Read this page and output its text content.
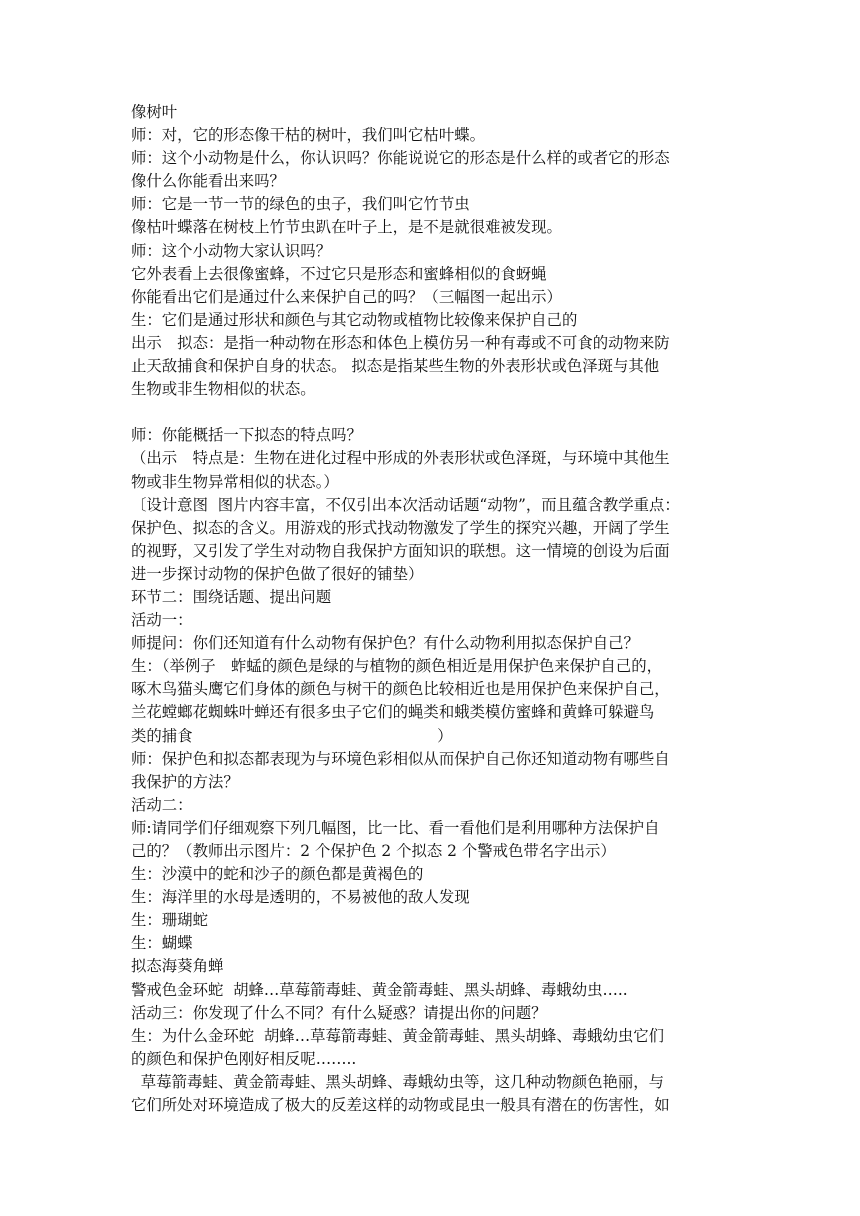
像树叶
师：对，它的形态像干枯的树叶，我们叫它枯叶蝶。
师：这个小动物是什么，你认识吗？你能说说它的形态是什么样的或者它的形态
像什么你能看出来吗？
师：它是一节一节的绿色的虫子，我们叫它竹节虫
像枯叶蝶落在树枝上竹节虫趴在叶子上，是不是就很难被发现。
师：这个小动物大家认识吗？
它外表看上去很像蜜蜂，不过它只是形态和蜜蜂相似的食蚜蝇
你能看出它们是通过什么来保护自己的吗？（三幅图一起出示）
生：它们是通过形状和颜色与其它动物或植物比较像来保护自己的
出示　拟态：是指一种动物在形态和体色上模仿另一种有毒或不可食的动物来防
止天敌捕食和保护自身的状态。 拟态是指某些生物的外表形状或色泽斑与其他
生物或非生物相似的状态。
师：你能概括一下拟态的特点吗？
（出示　特点是：生物在进化过程中形成的外表形状或色泽斑，与环境中其他生
物或非生物异常相似的状态。）
〔设计意图  图片内容丰富，不仅引出本次活动话题“动物”，而且蕴含教学重点：
保护色、拟态的含义。用游戏的形式找动物激发了学生的探究兴趣，开阔了学生
的视野，又引发了学生对动物自我保护方面知识的联想。这一情境的创设为后面
进一步探讨动物的保护色做了很好的铺垫）
环节二：围绕话题、提出问题
活动一：
师提问：你们还知道有什么动物有保护色？有什么动物利用拟态保护自己？
生：（举例子　蚱蜢的颜色是绿的与植物的颜色相近是用保护色来保护自己的，
啄木鸟猫头鹰它们身体的颜色与树干的颜色比较相近也是用保护色来保护自己，
兰花螳螂花蜘蛛叶蝉还有很多虫子它们的蝇类和蛾类模仿蜜蜂和黄蜂可躲避鸟
类的捕食                                                  ）
师：保护色和拟态都表现为与环境色彩相似从而保护自己你还知道动物有哪些自
我保护的方法？
活动二：
师:请同学们仔细观察下列几幅图，比一比、看一看他们是利用哪种方法保护自
己的？（教师出示图片：2 个保护色 2 个拟态 2 个警戒色带名字出示）
生：沙漠中的蛇和沙子的颜色都是黄褐色的
生：海洋里的水母是透明的，不易被他的敌人发现
生：珊瑚蛇
生：蝴蝶
拟态海葵角蝉
警戒色金环蛇  胡蜂…草莓箭毒蛙、黄金箭毒蛙、黑头胡蜂、毒蛾幼虫…..
活动三：你发现了什么不同？有什么疑惑？请提出你的问题？
生：为什么金环蛇  胡蜂…草莓箭毒蛙、黄金箭毒蛙、黑头胡蜂、毒蛾幼虫它们
的颜色和保护色刚好相反呢……..
草莓箭毒蛙、黄金箭毒蛙、黑头胡蜂、毒蛾幼虫等，这几种动物颜色艳丽，与
它们所处对环境造成了极大的反差这样的动物或昆虫一般具有潜在的伤害性，如
